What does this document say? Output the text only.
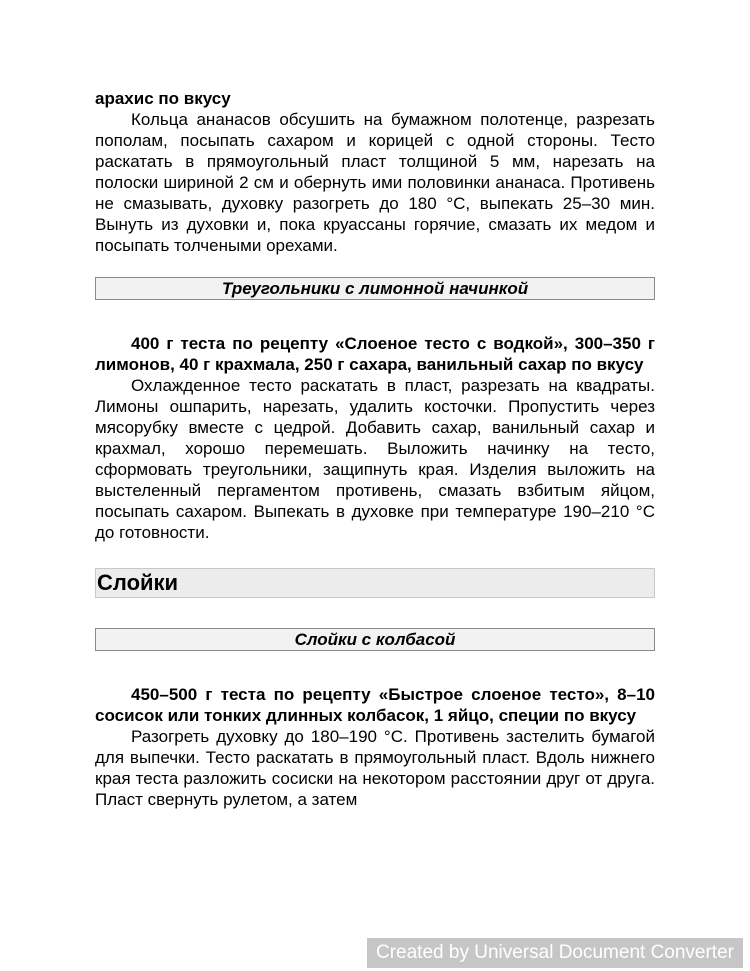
арахис по вкусу

Кольца ананасов обсушить на бумажном полотенце, разрезать пополам, посыпать сахаром и корицей с одной стороны. Тесто раскатать в прямоугольный пласт толщиной 5 мм, нарезать на полоски шириной 2 см и обернуть ими половинки ананаса. Противень не смазывать, духовку разогреть до 180 °С, выпекать 25–30 мин. Вынуть из духовки и, пока круассаны горячие, смазать их медом и посыпать толчеными орехами.

Треугольники с лимонной начинкой

400 г теста по рецепту «Слоеное тесто с водкой», 300–350 г лимонов, 40 г крахмала, 250 г сахара, ванильный сахар по вкусу

Охлажденное тесто раскатать в пласт, разрезать на квадраты. Лимоны ошпарить, нарезать, удалить косточки. Пропустить через мясорубку вместе с цедрой. Добавить сахар, ванильный сахар и крахмал, хорошо перемешать. Выложить начинку на тесто, сформовать треугольники, защипнуть края. Изделия выложить на выстеленный пергаментом противень, смазать взбитым яйцом, посыпать сахаром. Выпекать в духовке при температуре 190–210 °С до готовности.

Слойки
Слойки с колбасой

450–500 г теста по рецепту «Быстрое слоеное тесто», 8–10 сосисок или тонких длинных колбасок, 1 яйцо, специи по вкусу

Разогреть духовку до 180–190 °С. Противень застелить бумагой для выпечки. Тесто раскатать в прямоугольный пласт. Вдоль нижнего края теста разложить сосиски на некотором расстоянии друг от друга. Пласт свернуть рулетом, а затем

Created by Universal Document Converter
